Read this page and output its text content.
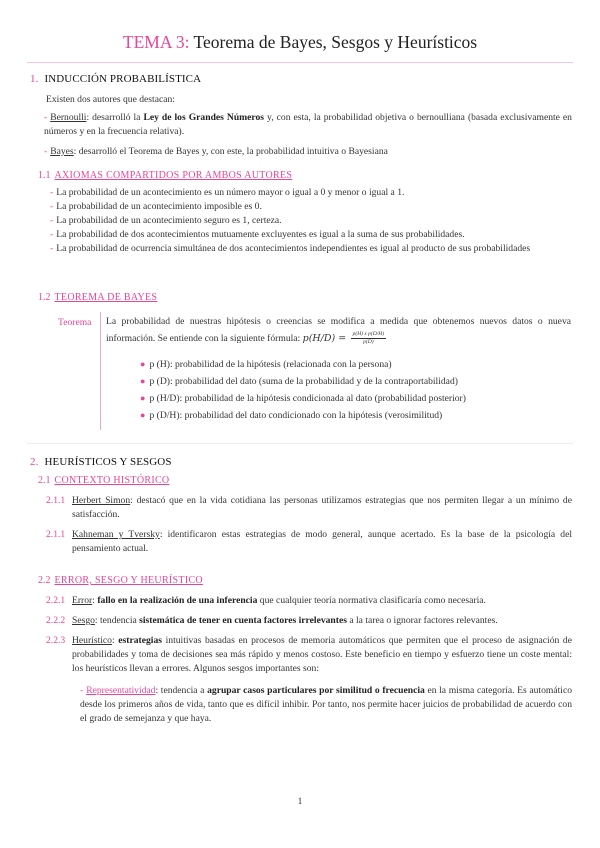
TEMA 3: Teorema de Bayes, Sesgos y Heurísticos
1. INDUCCIÓN PROBABILÍSTICA
Existen dos autores que destacan:
- Bernoulli: desarrolló la Ley de los Grandes Números y, con esta, la probabilidad objetiva o bernoulliana (basada exclusivamente en números y en la frecuencia relativa).
- Bayes: desarrolló el Teorema de Bayes y, con este, la probabilidad intuitiva o Bayesiana
1.1 AXIOMAS COMPARTIDOS POR AMBOS AUTORES
- La probabilidad de un acontecimiento es un número mayor o igual a 0 y menor o igual a 1.
- La probabilidad de un acontecimiento imposible es 0.
- La probabilidad de un acontecimiento seguro es 1, certeza.
- La probabilidad de dos acontecimientos mutuamente excluyentes es igual a la suma de sus probabilidades.
- La probabilidad de ocurrencia simultánea de dos acontecimientos independientes es igual al producto de sus probabilidades
1.2 TEOREMA DE BAYES
Teorema La probabilidad de nuestras hipótesis o creencias se modifica a medida que obtenemos nuevos datos o nueva información. Se entiende con la siguiente fórmula: $p(H/D) = \frac{\text{p(H) x p(D/H)}}{p(D)}$
● p (H): probabilidad de la hipótesis (relacionada con la persona)
● p (D): probabilidad del dato (suma de la probabilidad y de la contraportabilidad)
● p (H/D): probabilidad de la hipótesis condicionada al dato (probabilidad posterior)
● p (D/H): probabilidad del dato condicionado con la hipótesis (verosimilitud)
2. HEURÍSTICOS Y SESGOS
2.1 CONTEXTO HISTÓRICO
2.1.1 Herbert Simon: destacó que en la vida cotidiana las personas utilizamos estrategias que nos permiten llegar a un mínimo de satisfacción.
2.1.1 Kahneman y Tversky: identificaron estas estrategias de modo general, aunque acertado. Es la base de la psicología del pensamiento actual.
2.2 ERROR, SESGO Y HEURÍSTICO
2.2.1 Error: fallo en la realización de una inferencia que cualquier teoría normativa clasificaría como necesaria.
2.2.2 Sesgo: tendencia sistemática de tener en cuenta factores irrelevantes a la tarea o ignorar factores relevantes.
2.2.3 Heurístico: estrategias intuitivas basadas en procesos de memoria automáticos que permiten que el proceso de asignación de probabilidades y toma de decisiones sea más rápido y menos costoso. Este beneficio en tiempo y esfuerzo tiene un coste mental: los heurísticos llevan a errores. Algunos sesgos importantes son:
- Representatividad: tendencia a agrupar casos particulares por similitud o frecuencia en la misma categoría. Es automático desde los primeros años de vida, tanto que es difícil inhibir. Por tanto, nos permite hacer juicios de probabilidad de acuerdo con el grado de semejanza y que haya.
1
